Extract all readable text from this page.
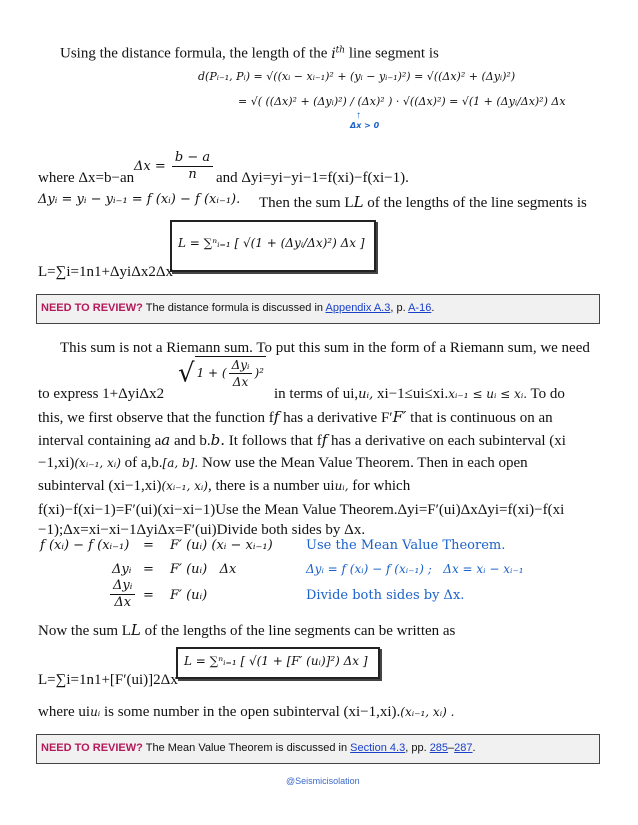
Using the distance formula, the length of the $i^{th}$ line segment is
d(Pᵢ₋₁, Pᵢ) = √((xᵢ − xᵢ₋₁)² + (yᵢ − yᵢ₋₁)²) = √((Δx)² + (Δyᵢ)²)
= √( ((Δx)² + (Δyᵢ)²) / (Δx)² ) · √((Δx)²) = √(1 + (Δyᵢ/Δx)²) Δx
↑
Δx > 0
where Δx=b−an
$\Delta x = \frac{b - a}{n}$ and Δyi=yi−yi−1=f(xi)−f(xi−1).
Δyᵢ = yᵢ − yᵢ₋₁ = f (xᵢ) − f (xᵢ₋₁). Then the sum LL of the lengths of the line segments is
L = ∑ⁿᵢ₌₁ [ √(1 + (Δyᵢ/Δx)²) Δx ]
L=∑i=1n1+ΔyiΔx2Δx
NEED TO REVIEW? The distance formula is discussed in Appendix A.3, p. A-16.
This sum is not a Riemann sum. To put this sum in the form of a Riemann sum, we need
√ 1 + ( $\frac{\text{Δyᵢ}}{\Delta x} )^2$
to express 1+ΔyiΔx2	in terms of ui,uᵢ, xi−1≤ui≤xi.xᵢ₋₁ ≤ uᵢ ≤ xᵢ. To do
this, we first observe that the function ff has a derivative F′F′ that is continuous on an
interval containing aa and b.b. It follows that ff has a derivative on each subinterval (xi
−1,xi)(xᵢ₋₁, xᵢ) of a,b.[a, b]. Now use the Mean Value Theorem. Then in each open
subinterval (xi−1,xi)(xᵢ₋₁, xᵢ), there is a number uiuᵢ, for which
f(xi)−f(xi−1)=F′(ui)(xi−xi−1)Use the Mean Value Theorem.Δyi=F′(ui)ΔxΔyi=f(xi)−f(xi
−1);Δx=xi−xi−1ΔyiΔx=F′(ui)Divide both sides by Δx.
f (xᵢ) − f (xᵢ₋₁) = F′ (uᵢ) (xᵢ − xᵢ₋₁)	Use the Mean Value Theorem.
Δyᵢ = F′ (uᵢ)   Δx	Δyᵢ = f (xᵢ) − f (xᵢ₋₁) ;   Δx = xᵢ − xᵢ₋₁
$\frac{\text{Δyᵢ}}{\Delta x} = F'$ (uᵢ)	Divide both sides by Δx.
Now the sum LL of the lengths of the line segments can be written as
L = ∑ⁿᵢ₌₁ [ √(1 + [F′ (uᵢ)]²) Δx ]
L=∑i=1n1+[F′(ui)]2Δx
where uiuᵢ is some number in the open subinterval (xi−1,xi).(xᵢ₋₁, xᵢ) .
NEED TO REVIEW? The Mean Value Theorem is discussed in Section 4.3, pp. 285–287.
@Seismicisolation
